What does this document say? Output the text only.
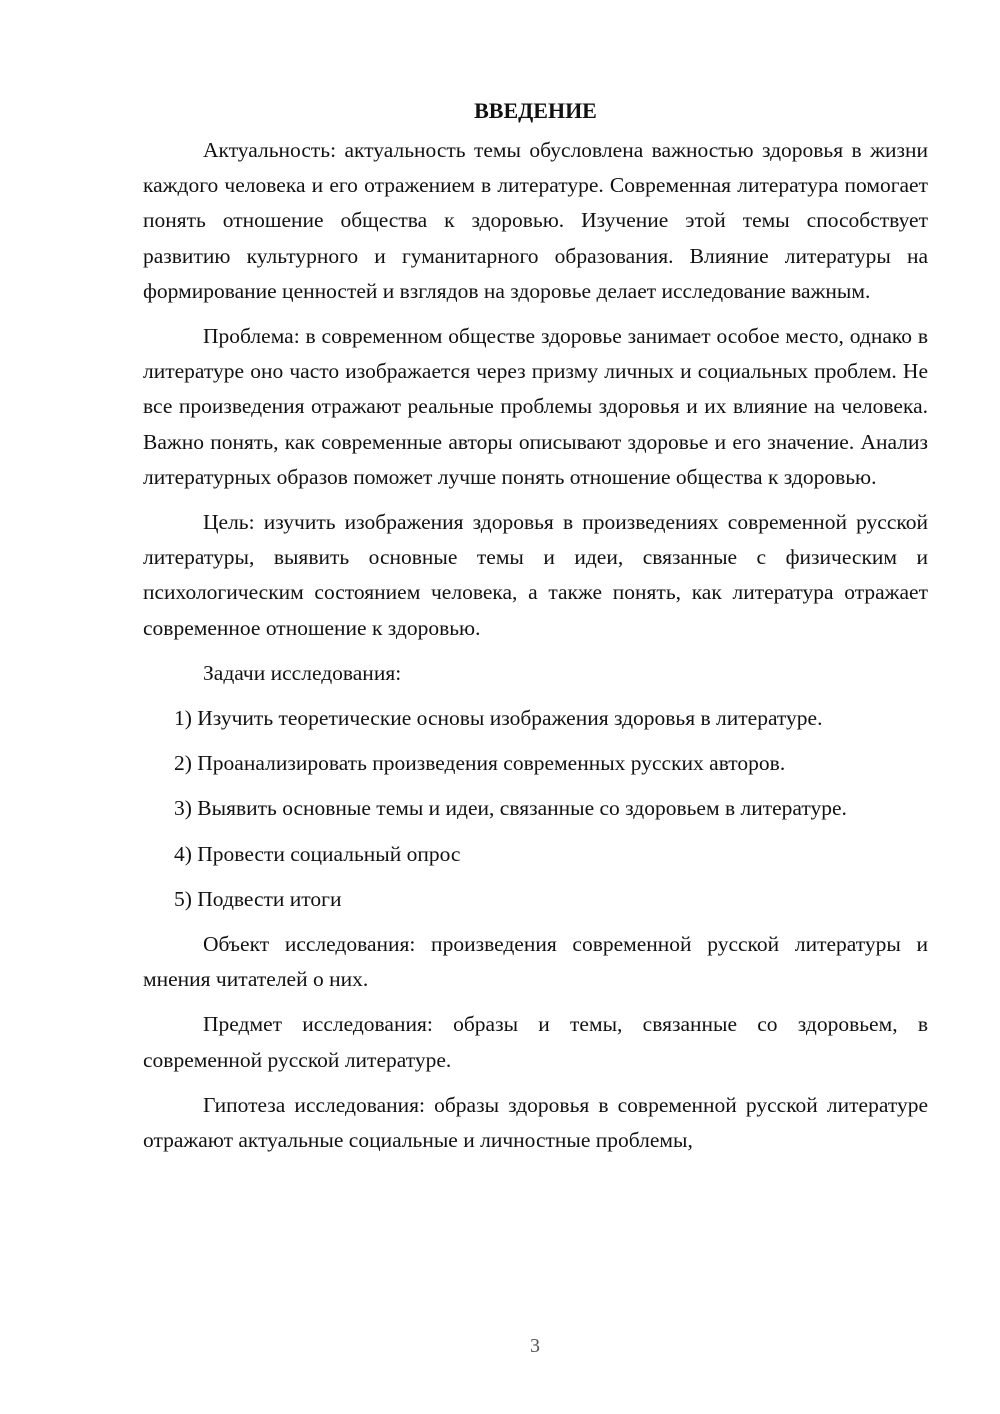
ВВЕДЕНИЕ

Актуальность: актуальность темы обусловлена важностью здоровья в жизни каждого человека и его отражением в литературе. Современная литература помогает понять отношение общества к здоровью. Изучение этой темы способствует развитию культурного и гуманитарного образования. Влияние литературы на формирование ценностей и взглядов на здоровье делает исследование важным.

Проблема: в современном обществе здоровье занимает особое место, однако в литературе оно часто изображается через призму личных и социальных проблем. Не все произведения отражают реальные проблемы здоровья и их влияние на человека. Важно понять, как современные авторы описывают здоровье и его значение. Анализ литературных образов поможет лучше понять отношение общества к здоровью.

Цель: изучить изображения здоровья в произведениях современной русской литературы, выявить основные темы и идеи, связанные с физическим и психологическим состоянием человека, а также понять, как литература отражает современное отношение к здоровью.

Задачи исследования:

1) Изучить теоретические основы изображения здоровья в литературе.

2) Проанализировать произведения современных русских авторов.

3) Выявить основные темы и идеи, связанные со здоровьем в литературе.

4) Провести социальный опрос

5) Подвести итоги

Объект исследования: произведения современной русской литературы и мнения читателей о них.

Предмет исследования: образы и темы, связанные со здоровьем, в современной русской литературе.

Гипотеза исследования: образы здоровья в современной русской литературе отражают актуальные социальные и личностные проблемы,

3
